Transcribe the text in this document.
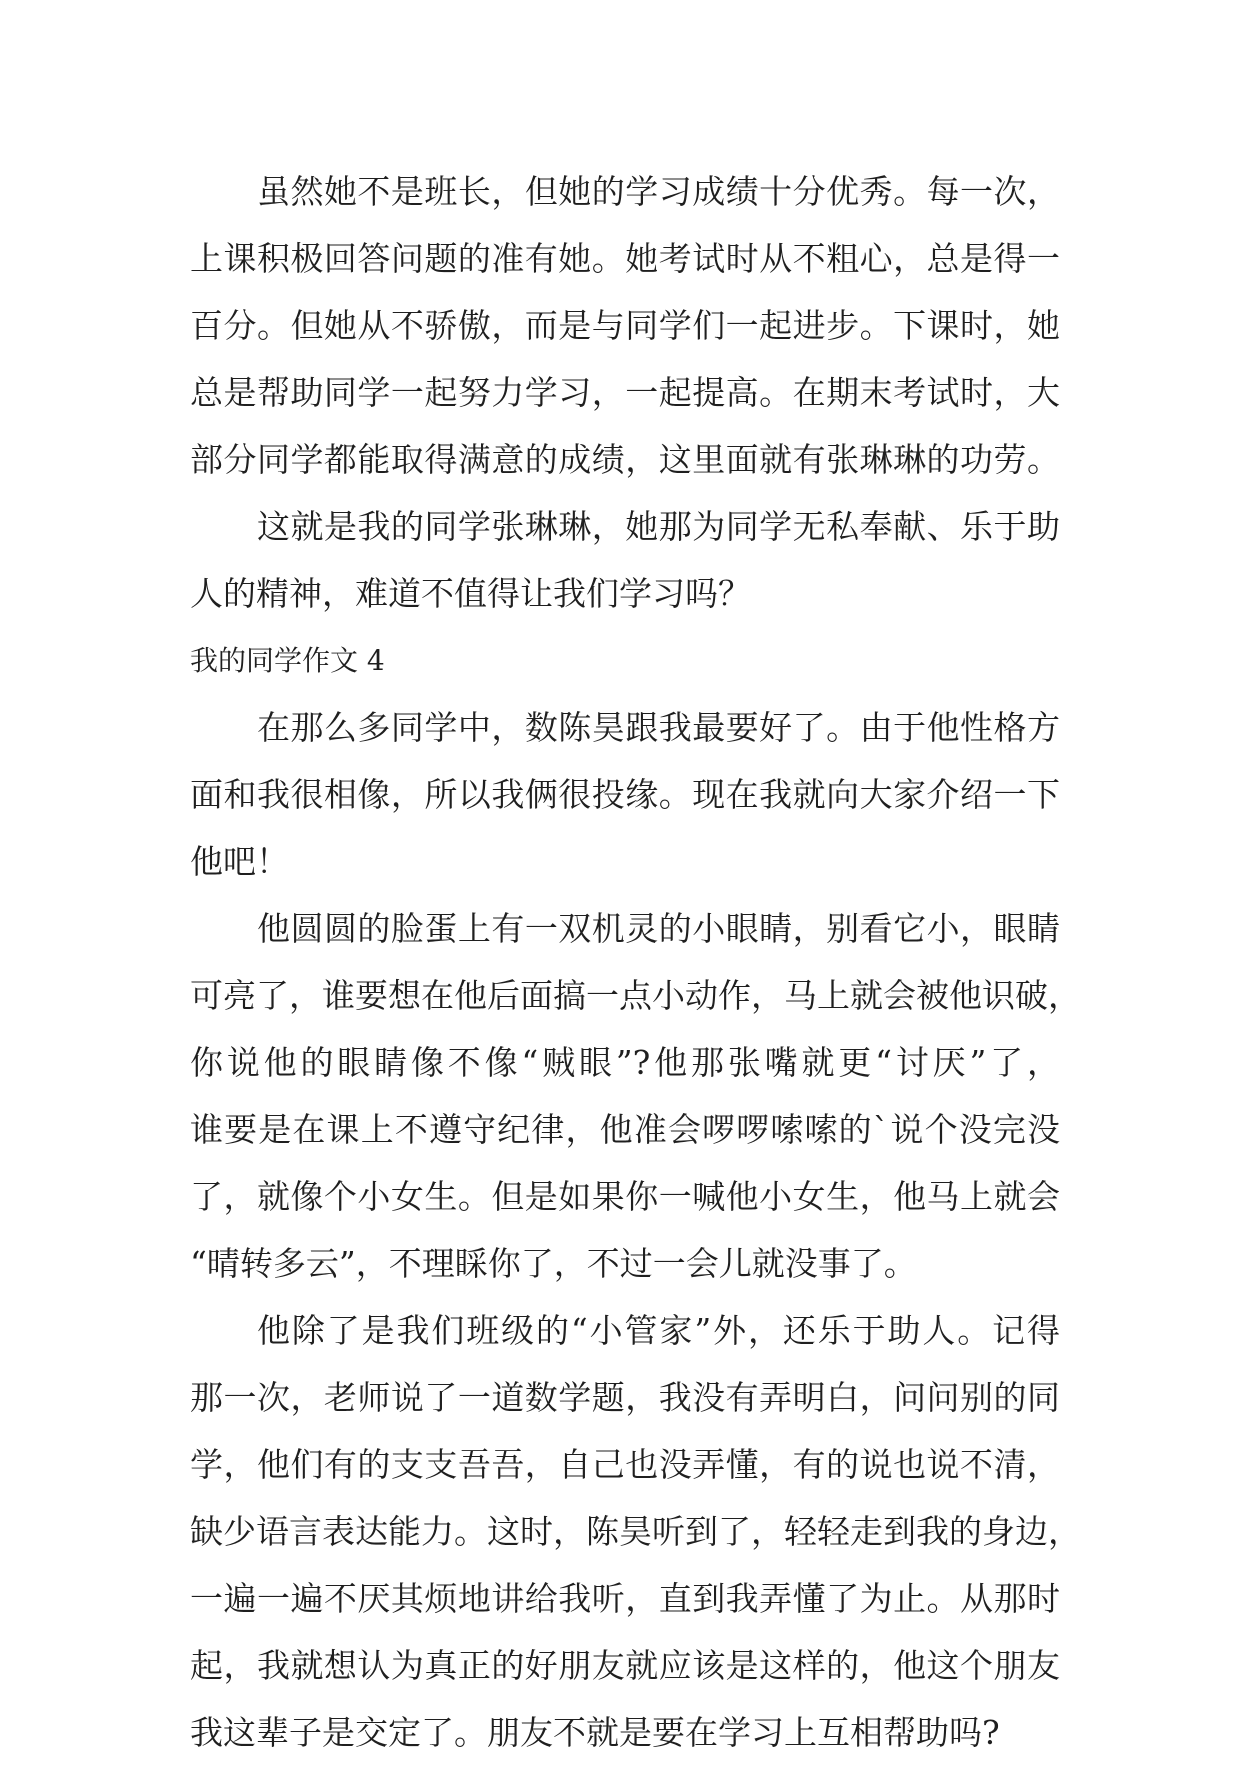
虽然她不是班长，但她的学习成绩十分优秀。每一次，
上课积极回答问题的准有她。她考试时从不粗心，总是得一
百分。但她从不骄傲，而是与同学们一起进步。下课时，她
总是帮助同学一起努力学习，一起提高。在期末考试时，大
部分同学都能取得满意的成绩，这里面就有张琳琳的功劳。
这就是我的同学张琳琳，她那为同学无私奉献、乐于助
人的精神，难道不值得让我们学习吗？
我的同学作文 4
在那么多同学中，数陈昊跟我最要好了。由于他性格方
面和我很相像，所以我俩很投缘。现在我就向大家介绍一下
他吧！
他圆圆的脸蛋上有一双机灵的小眼睛，别看它小，眼睛
可亮了，谁要想在他后面搞一点小动作，马上就会被他识破，
你说他的眼睛像不像“贼眼”?他那张嘴就更“讨厌”了，
谁要是在课上不遵守纪律，他准会啰啰嗦嗦的`说个没完没
了，就像个小女生。但是如果你一喊他小女生，他马上就会
“晴转多云”，不理睬你了，不过一会儿就没事了。
他除了是我们班级的“小管家”外，还乐于助人。记得
那一次，老师说了一道数学题，我没有弄明白，问问别的同
学，他们有的支支吾吾，自己也没弄懂，有的说也说不清，
缺少语言表达能力。这时，陈昊听到了，轻轻走到我的身边，
一遍一遍不厌其烦地讲给我听，直到我弄懂了为止。从那时
起，我就想认为真正的好朋友就应该是这样的，他这个朋友
我这辈子是交定了。朋友不就是要在学习上互相帮助吗?
